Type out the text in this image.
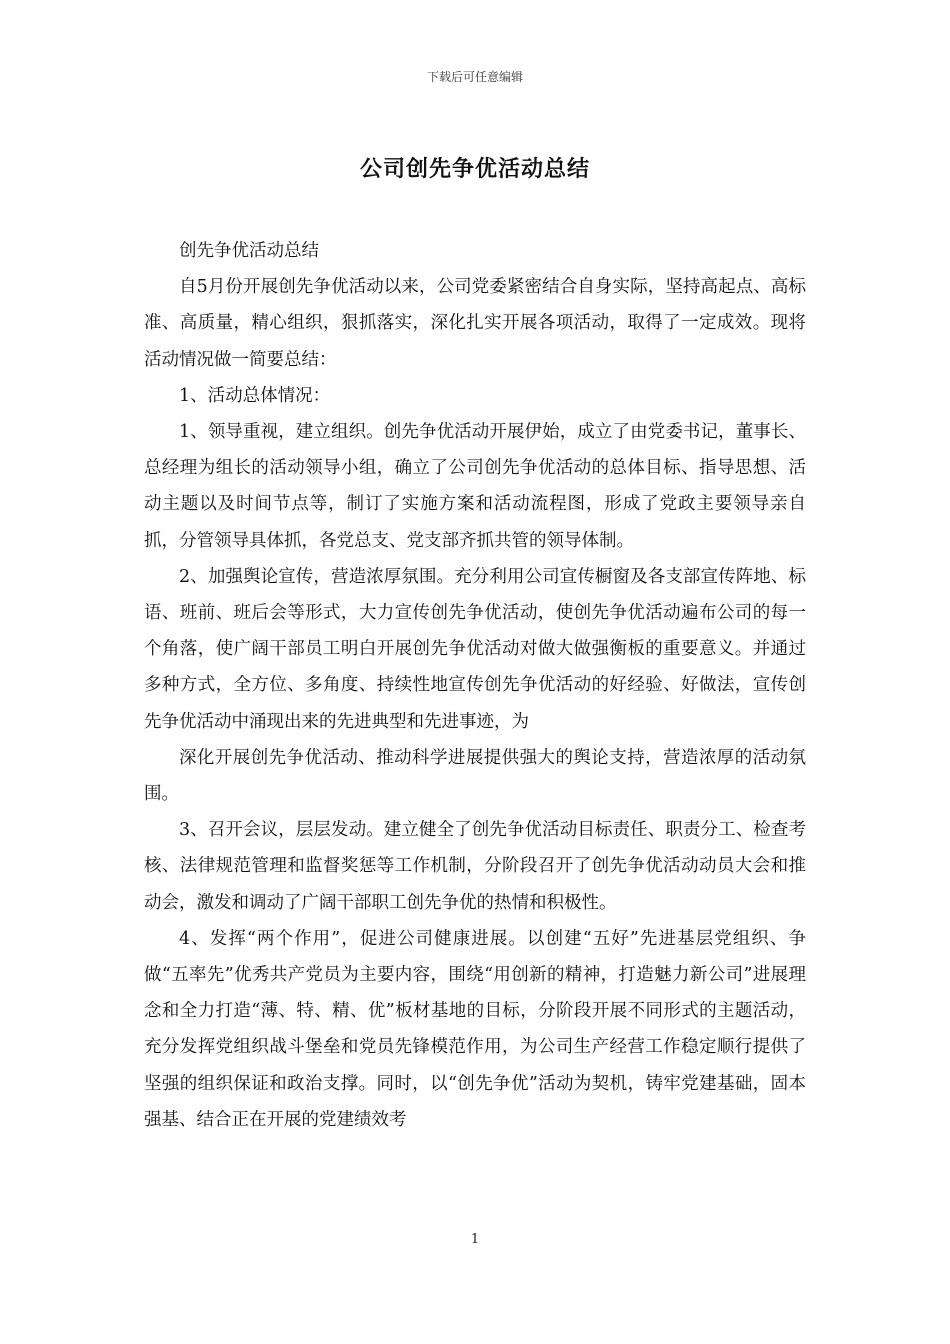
下载后可任意编辑
公司创先争优活动总结

创先争优活动总结

自5月份开展创先争优活动以来，公司党委紧密结合自身实际，坚持高起点、高标准、高质量，精心组织，狠抓落实，深化扎实开展各项活动，取得了一定成效。现将活动情况做一简要总结：

1、活动总体情况：

1、领导重视，建立组织。创先争优活动开展伊始，成立了由党委书记，董事长、总经理为组长的活动领导小组，确立了公司创先争优活动的总体目标、指导思想、活动主题以及时间节点等，制订了实施方案和活动流程图，形成了党政主要领导亲自抓，分管领导具体抓，各党总支、党支部齐抓共管的领导体制。

2、加强舆论宣传，营造浓厚氛围。充分利用公司宣传橱窗及各支部宣传阵地、标语、班前、班后会等形式，大力宣传创先争优活动，使创先争优活动遍布公司的每一个角落，使广阔干部员工明白开展创先争优活动对做大做强衡板的重要意义。并通过多种方式，全方位、多角度、持续性地宣传创先争优活动的好经验、好做法，宣传创先争优活动中涌现出来的先进典型和先进事迹，为

深化开展创先争优活动、推动科学进展提供强大的舆论支持，营造浓厚的活动氛围。

3、召开会议，层层发动。建立健全了创先争优活动目标责任、职责分工、检查考核、法律规范管理和监督奖惩等工作机制，分阶段召开了创先争优活动动员大会和推动会，激发和调动了广阔干部职工创先争优的热情和积极性。

4、发挥“两个作用”，促进公司健康进展。以创建“五好”先进基层党组织、争做“五率先”优秀共产党员为主要内容，围绕“用创新的精神，打造魅力新公司”进展理念和全力打造“薄、特、精、优”板材基地的目标，分阶段开展不同形式的主题活动，充分发挥党组织战斗堡垒和党员先锋模范作用，为公司生产经营工作稳定顺行提供了坚强的组织保证和政治支撑。同时，以“创先争优”活动为契机，铸牢党建基础，固本强基、结合正在开展的党建绩效考

1
